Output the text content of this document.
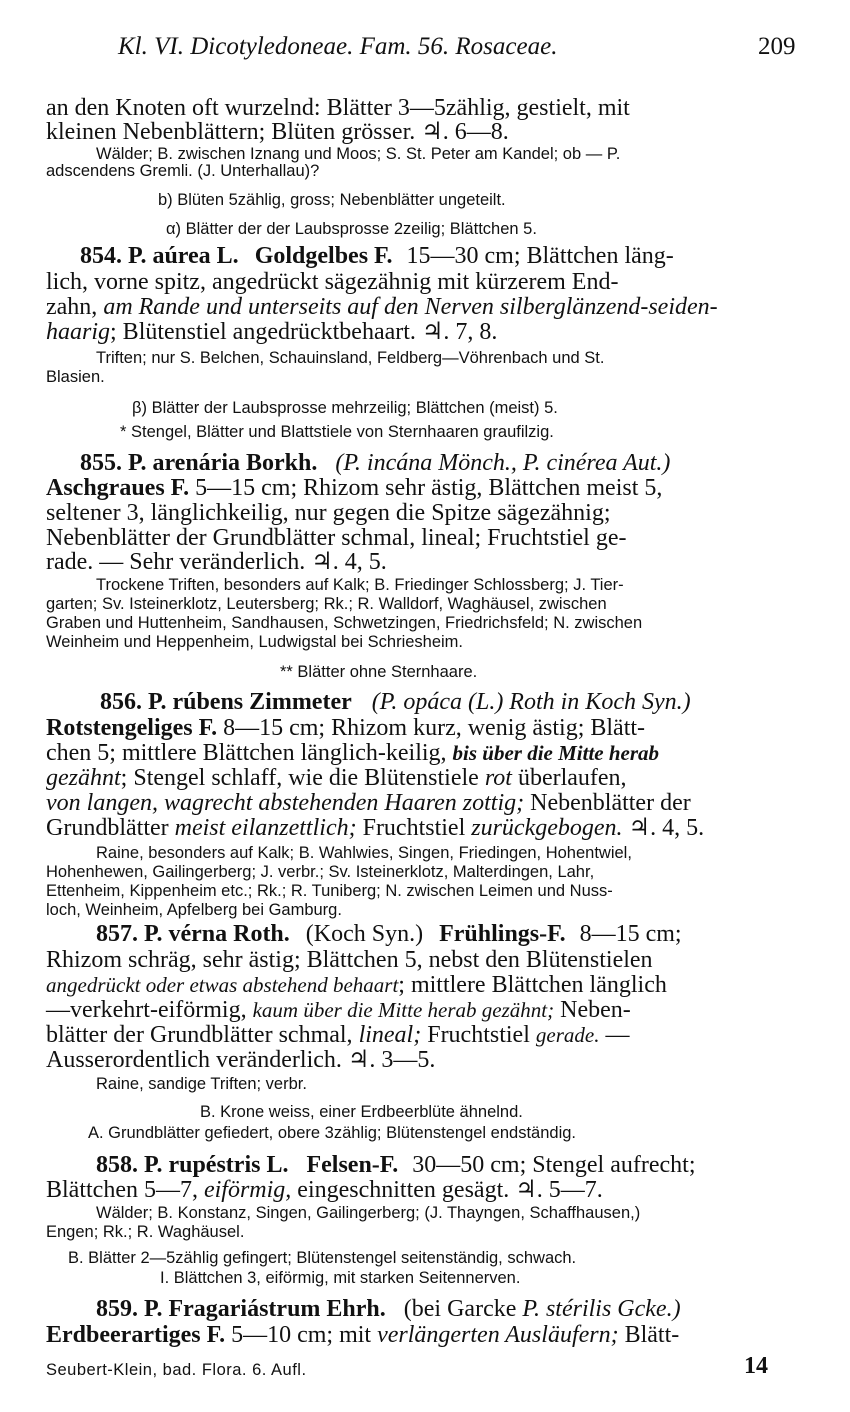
Kl. VI. Dicotyledoneae. Fam. 56. Rosaceae.	209
an den Knoten oft wurzelnd: Blätter 3—5zählig, gestielt, mit
kleinen Nebenblättern; Blüten grösser. ♃. 6—8.
Wälder; B. zwischen Iznang und Moos; S. St. Peter am Kandel; ob — P.
adscendens Gremli. (J. Unterhallau)?
b) Blüten 5zählig, gross; Nebenblätter ungeteilt.
α) Blätter der der Laubsprosse 2zeilig; Blättchen 5.
854. P. aúrea L. Goldgelbes F. 15—30 cm; Blättchen läng-
lich, vorne spitz, angedrückt sägezähnig mit kürzerem End-
zahn, am Rande und unterseits auf den Nerven silberglänzend-seiden-
haarig; Blütenstiel angedrücktbehaart. ♃. 7, 8.
Triften; nur S. Belchen, Schauinsland, Feldberg—Vöhrenbach und St.
Blasien.
β) Blätter der Laubsprosse mehrzeilig; Blättchen (meist) 5.
* Stengel, Blätter und Blattstiele von Sternhaaren graufilzig.
855. P. arenária Borkh. (P. incána Mönch., P. cinérea Aut.)
Aschgraues F. 5—15 cm; Rhizom sehr ästig, Blättchen meist 5,
seltener 3, länglichkeilig, nur gegen die Spitze sägezähnig;
Nebenblätter der Grundblätter schmal, lineal; Fruchtstiel ge-
rade. — Sehr veränderlich. ♃. 4, 5.
Trockene Triften, besonders auf Kalk; B. Friedinger Schlossberg; J. Tier-
garten; Sv. Isteinerklotz, Leutersberg; Rk.; R. Walldorf, Waghäusel, zwischen
Graben und Huttenheim, Sandhausen, Schwetzingen, Friedrichsfeld; N. zwischen
Weinheim und Heppenheim, Ludwigstal bei Schriesheim.
** Blätter ohne Sternhaare.
856. P. rúbens Zimmeter (P. opáca (L.) Roth in Koch Syn.)
Rotstengeliges F. 8—15 cm; Rhizom kurz, wenig ästig; Blätt-
chen 5; mittlere Blättchen länglich-keilig, bis über die Mitte herab
gezähnt; Stengel schlaff, wie die Blütenstiele rot überlaufen,
von langen, wagrecht abstehenden Haaren zottig; Nebenblätter der
Grundblätter meist eilanzettlich; Fruchtstiel zurückgebogen. ♃. 4, 5.
Raine, besonders auf Kalk; B. Wahlwies, Singen, Friedingen, Hohentwiel,
Hohenhewen, Gailingerberg; J. verbr.; Sv. Isteinerklotz, Malterdingen, Lahr,
Ettenheim, Kippenheim etc.; Rk.; R. Tuniberg; N. zwischen Leimen und Nuss-
loch, Weinheim, Apfelberg bei Gamburg.
857. P. vérna Roth. (Koch Syn.) Frühlings-F. 8—15 cm;
Rhizom schräg, sehr ästig; Blättchen 5, nebst den Blütenstielen
angedrückt oder etwas abstehend behaart; mittlere Blättchen länglich
—verkehrt-eiförmig, kaum über die Mitte herab gezähnt; Neben-
blätter der Grundblätter schmal, lineal; Fruchtstiel gerade. —
Ausserordentlich veränderlich. ♃. 3—5.
Raine, sandige Triften; verbr.
B. Krone weiss, einer Erdbeerblüte ähnelnd.
A. Grundblätter gefiedert, obere 3zählig; Blütenstengel endständig.
858. P. rupéstris L. Felsen-F. 30—50 cm; Stengel aufrecht;
Blättchen 5—7, eiförmig, eingeschnitten gesägt. ♃. 5—7.
Wälder; B. Konstanz, Singen, Gailingerberg; (J. Thayngen, Schaffhausen,)
Engen; Rk.; R. Waghäusel.
B. Blätter 2—5zählig gefingert; Blütenstengel seitenständig, schwach.
I. Blättchen 3, eiförmig, mit starken Seitennerven.
859. P. Fragariástrum Ehrh. (bei Garcke P. stérilis Gcke.)
Erdbeerartiges F. 5—10 cm; mit verlängerten Ausläufern; Blätt-
Seubert-Klein, bad. Flora. 6. Aufl.	14
